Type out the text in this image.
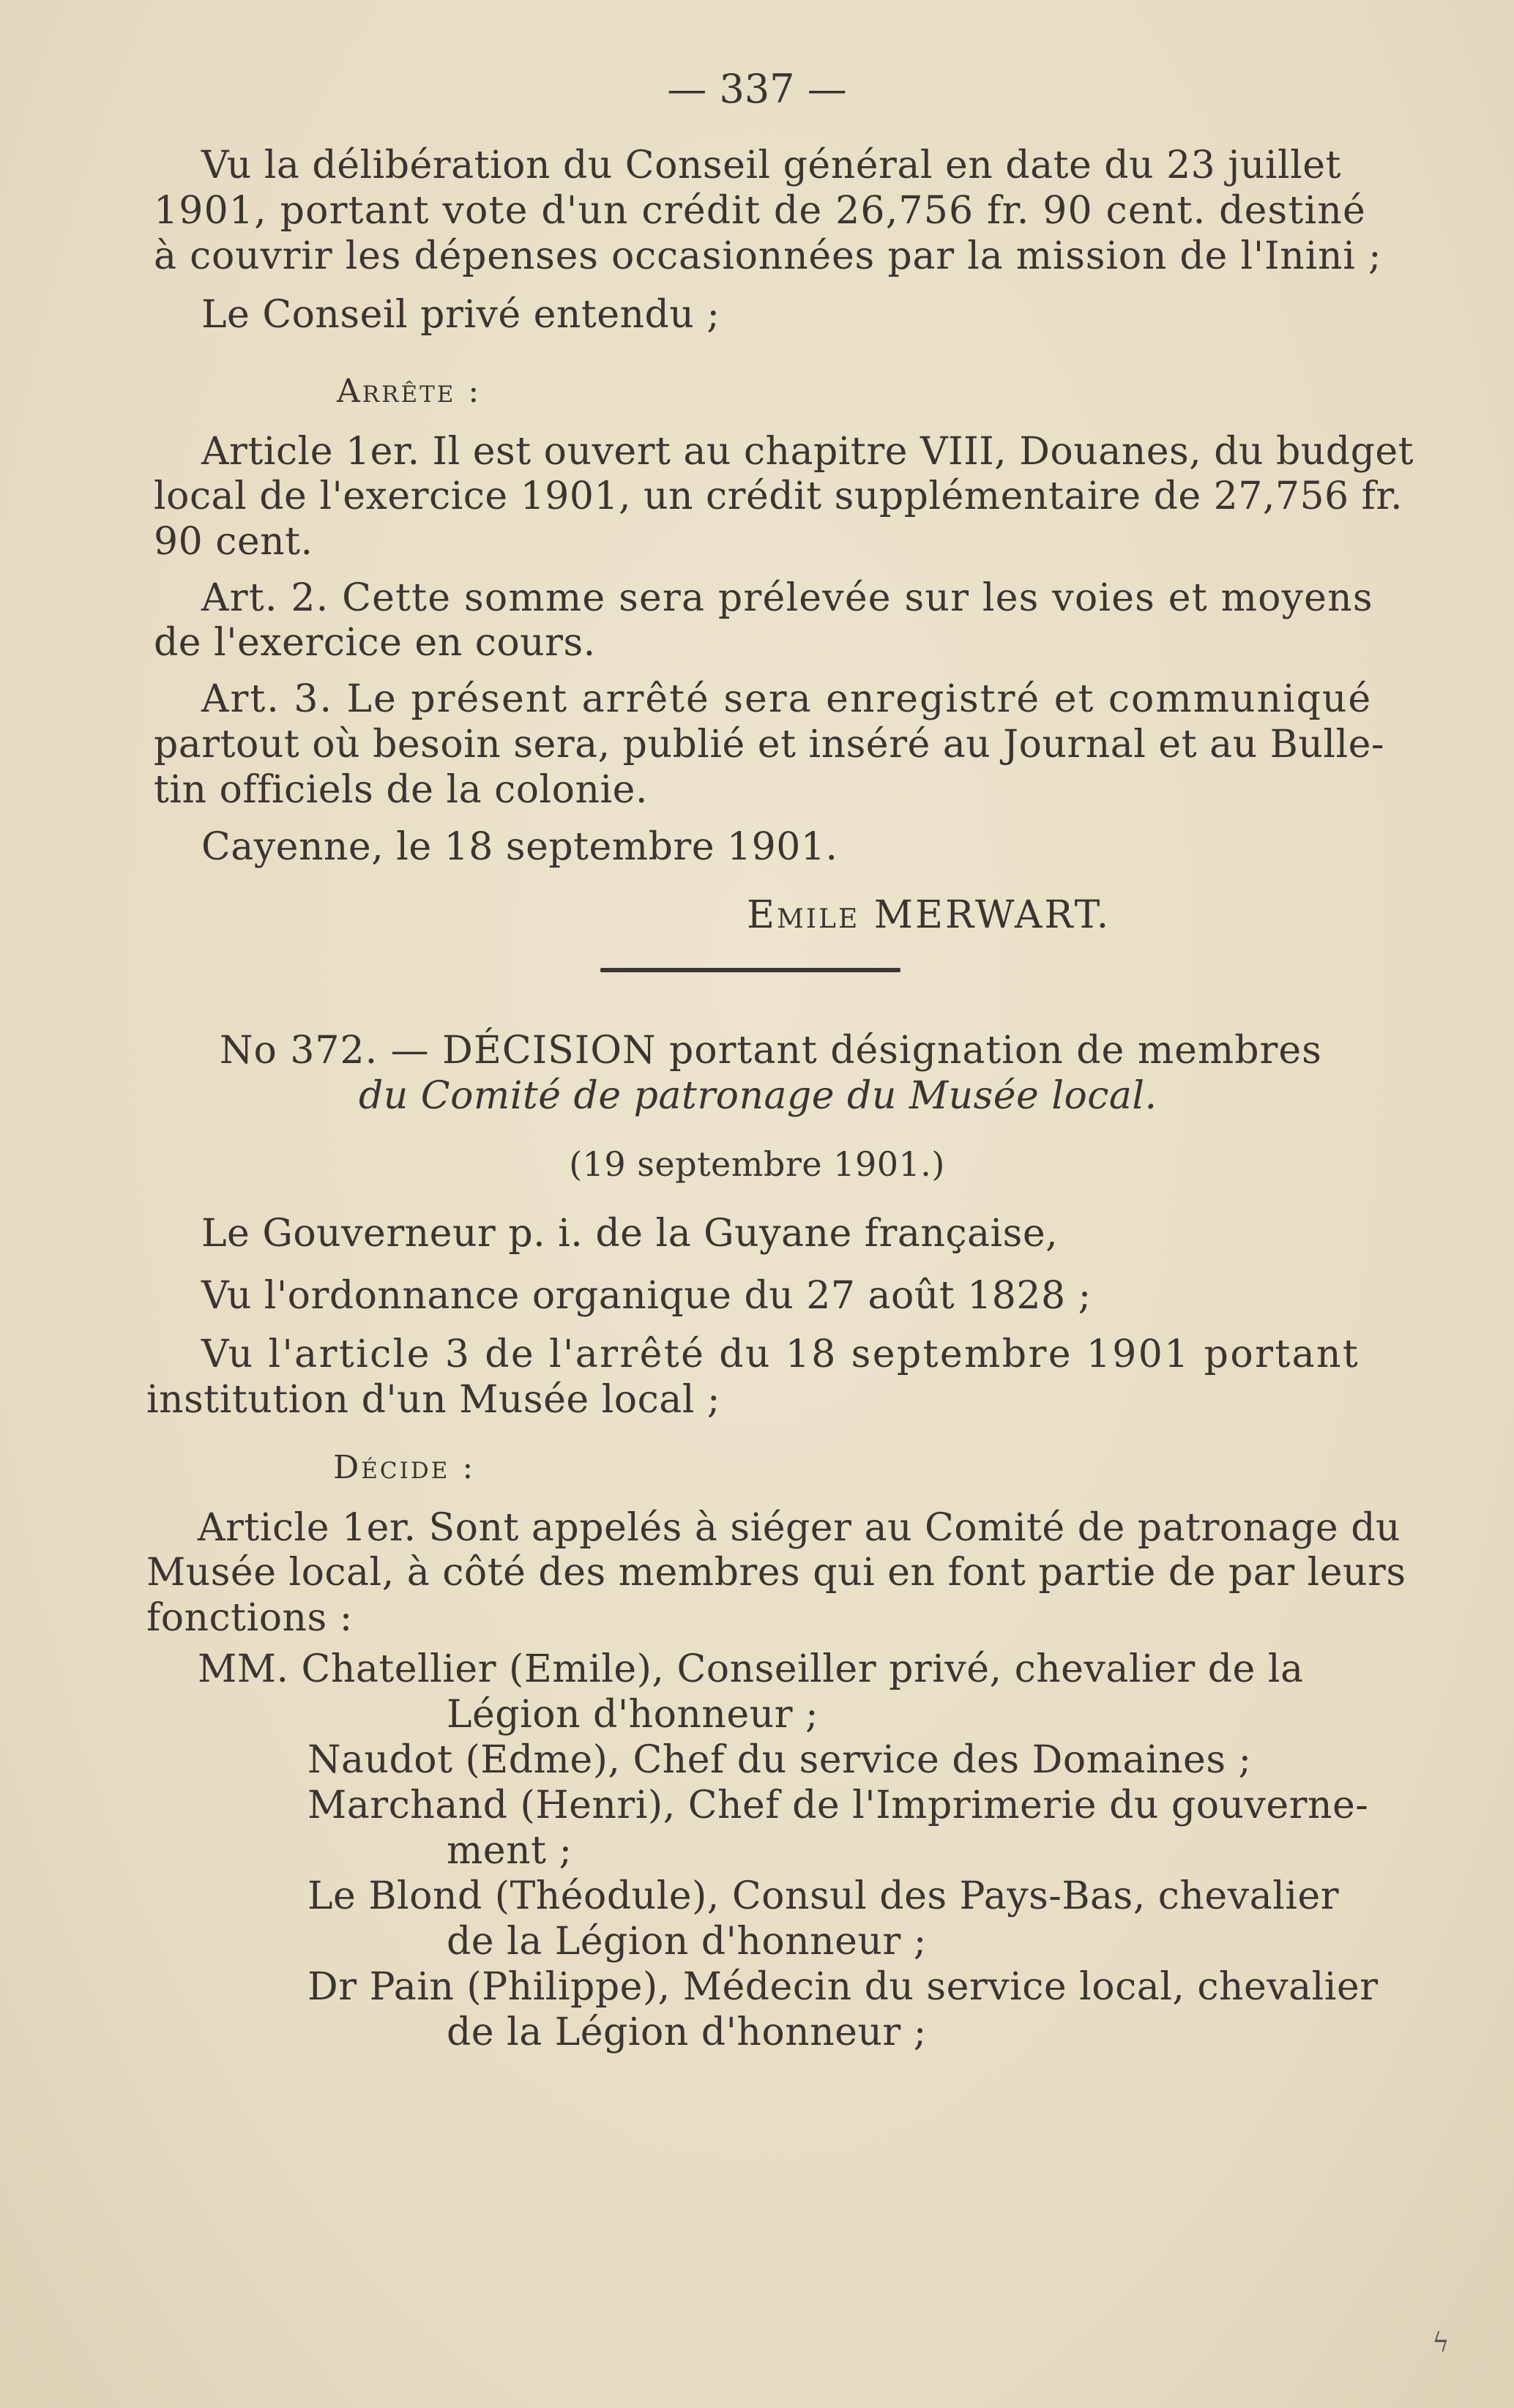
— 337 —
Vu la délibération du Conseil général en date du 23 juillet
1901, portant vote d'un crédit de 26,756 fr. 90 cent. destiné
à couvrir les dépenses occasionnées par la mission de l'Inini ;
Le Conseil privé entendu ;
Arrête :
Article 1er. Il est ouvert au chapitre VIII, Douanes, du budget
local de l'exercice 1901, un crédit supplémentaire de 27,756 fr.
90 cent.
Art. 2. Cette somme sera prélevée sur les voies et moyens
de l'exercice en cours.
Art. 3. Le présent arrêté sera enregistré et communiqué
partout où besoin sera, publié et inséré au Journal et au Bulle-
tin officiels de la colonie.
Cayenne, le 18 septembre 1901.
Emile MERWART.
No 372. — DÉCISION portant désignation de membres
du Comité de patronage du Musée local.
(19 septembre 1901.)
Le Gouverneur p. i. de la Guyane française,
Vu l'ordonnance organique du 27 août 1828 ;
Vu l'article 3 de l'arrêté du 18 septembre 1901 portant
institution d'un Musée local ;
Décide :
Article 1er. Sont appelés à siéger au Comité de patronage du
Musée local, à côté des membres qui en font partie de par leurs
fonctions :
MM. Chatellier (Emile), Conseiller privé, chevalier de la
Légion d'honneur ;
Naudot (Edme), Chef du service des Domaines ;
Marchand (Henri), Chef de l'Imprimerie du gouverne-
ment ;
Le Blond (Théodule), Consul des Pays-Bas, chevalier
de la Légion d'honneur ;
Dr Pain (Philippe), Médecin du service local, chevalier
de la Légion d'honneur ;
ϟ
